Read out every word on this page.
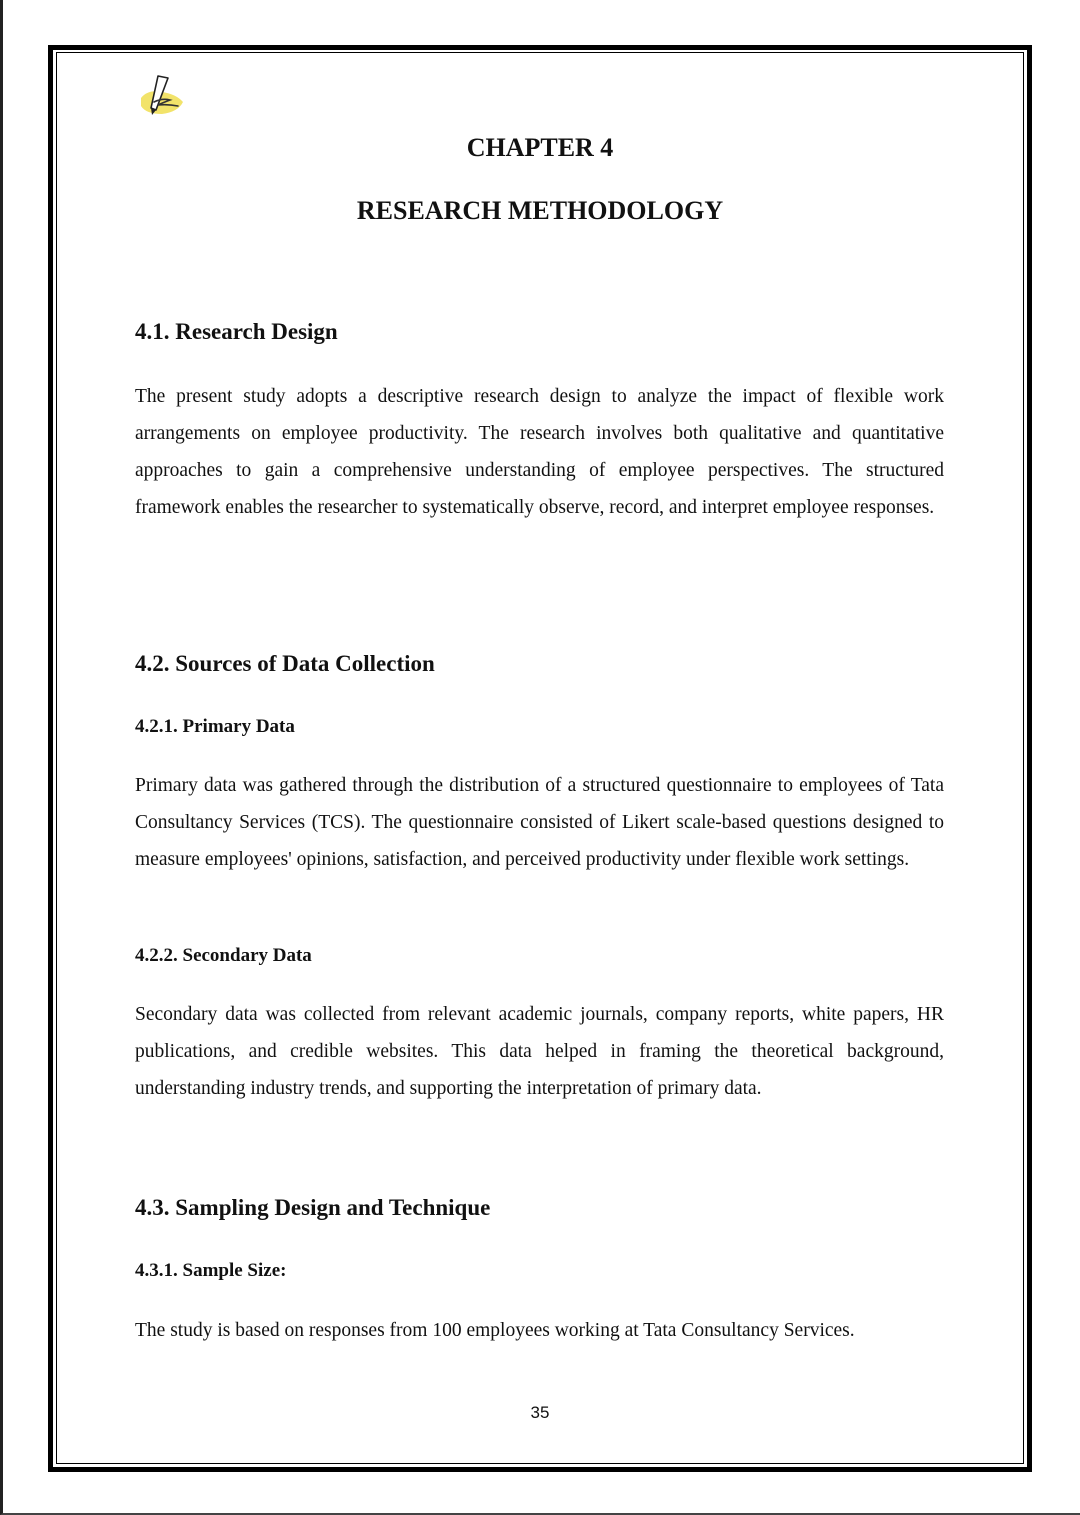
CHAPTER 4
RESEARCH METHODOLOGY
4.1. Research Design

The present study adopts a descriptive research design to analyze the impact of flexible work arrangements on employee productivity. The research involves both qualitative and quantitative approaches to gain a comprehensive understanding of employee perspectives. The structured framework enables the researcher to systematically observe, record, and interpret employee responses.

4.2. Sources of Data Collection
4.2.1. Primary Data

Primary data was gathered through the distribution of a structured questionnaire to employees of Tata Consultancy Services (TCS). The questionnaire consisted of Likert scale-based questions designed to measure employees' opinions, satisfaction, and perceived productivity under flexible work settings.

4.2.2. Secondary Data

Secondary data was collected from relevant academic journals, company reports, white papers, HR publications, and credible websites. This data helped in framing the theoretical background, understanding industry trends, and supporting the interpretation of primary data.

4.3. Sampling Design and Technique
4.3.1. Sample Size:

The study is based on responses from 100 employees working at Tata Consultancy Services.

35
